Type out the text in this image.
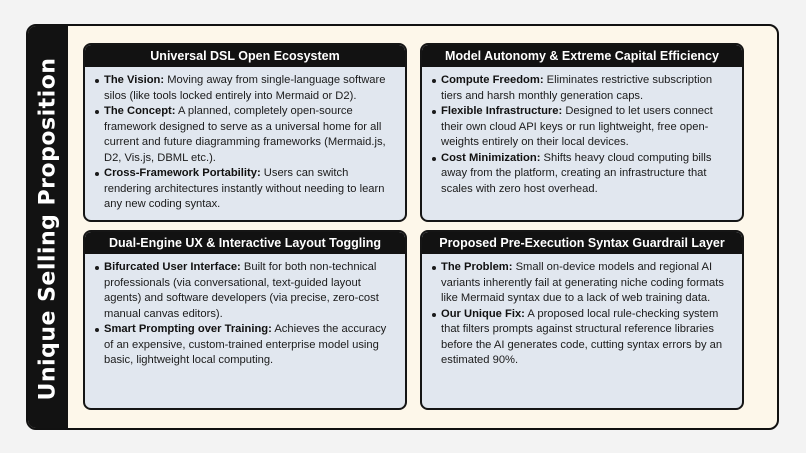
Unique Selling Proposition
Universal DSL Open Ecosystem
The Vision: Moving away from single-language software silos (like tools locked entirely into Mermaid or D2).
The Concept: A planned, completely open-source framework designed to serve as a universal home for all current and future diagramming frameworks (Mermaid.js, D2, Vis.js, DBML etc.).
Cross-Framework Portability: Users can switch rendering architectures instantly without needing to learn any new coding syntax.
Model Autonomy & Extreme Capital Efficiency
Compute Freedom: Eliminates restrictive subscription tiers and harsh monthly generation caps.
Flexible Infrastructure: Designed to let users connect their own cloud API keys or run lightweight, free open-weights entirely on their local devices.
Cost Minimization: Shifts heavy cloud computing bills away from the platform, creating an infrastructure that scales with zero host overhead.
Dual-Engine UX & Interactive Layout Toggling
Bifurcated User Interface: Built for both non-technical professionals (via conversational, text-guided layout agents) and software developers (via precise, zero-cost manual canvas editors).
Smart Prompting over Training: Achieves the accuracy of an expensive, custom-trained enterprise model using basic, lightweight local computing.
Proposed Pre-Execution Syntax Guardrail Layer
The Problem: Small on-device models and regional AI variants inherently fail at generating niche coding formats like Mermaid syntax due to a lack of web training data.
Our Unique Fix: A proposed local rule-checking system that filters prompts against structural reference libraries before the AI generates code, cutting syntax errors by an estimated 90%.
